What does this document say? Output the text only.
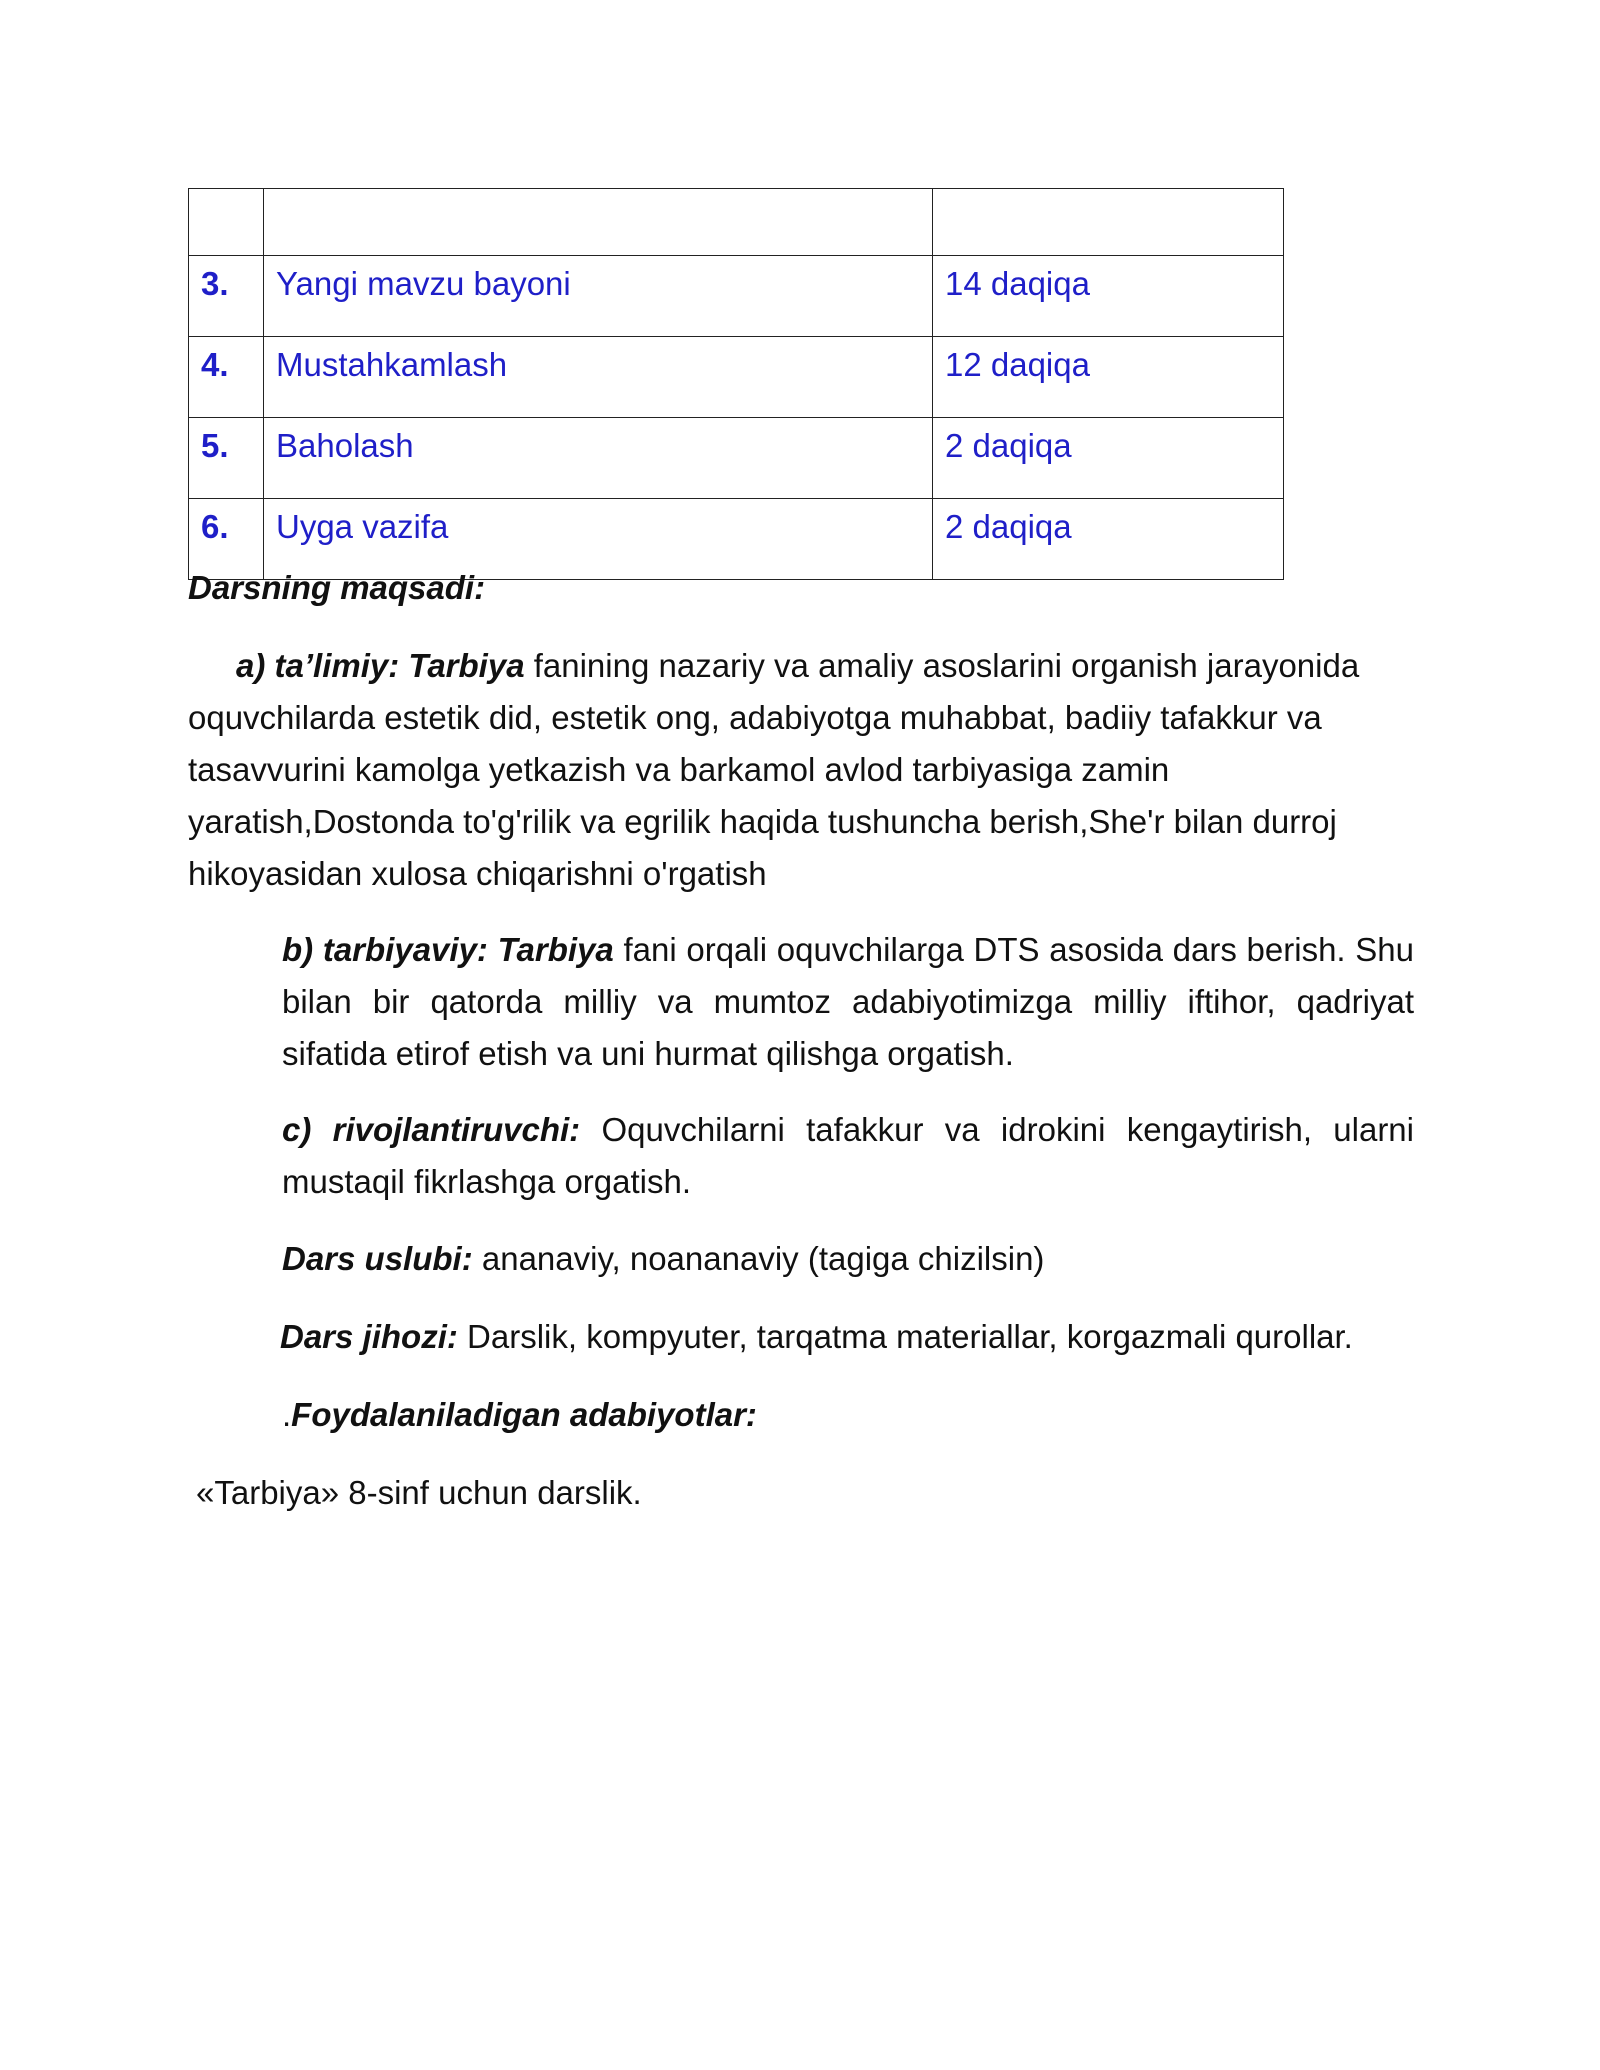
3.	Yangi mavzu bayoni	14 daqiqa
4.	Mustahkamlash	12 daqiqa
5.	Baholash	2 daqiqa
6.	Uyga vazifa	2 daqiqa
Darsning maqsadi:
a) ta’limiy: Tarbiya fanining nazariy va amaliy asoslarini organish jarayonida oquvchilarda estetik did, estetik ong, adabiyotga muhabbat, badiiy tafakkur va tasavvurini kamolga yetkazish va barkamol avlod tarbiyasiga zamin yaratish,Dostonda to'g'rilik va egrilik haqida tushuncha berish,She'r bilan durroj hikoyasidan xulosa chiqarishni o'rgatish
b) tarbiyaviy: Tarbiya fani orqali oquvchilarga DTS asosida dars berish. Shu bilan bir qatorda milliy va mumtoz adabiyotimizga milliy iftihor, qadriyat sifatida etirof etish va uni hurmat qilishga orgatish.
c) rivojlantiruvchi: Oquvchilarni tafakkur va idrokini kengaytirish, ularni mustaqil fikrlashga orgatish.
Dars uslubi: ananaviy, noananaviy (tagiga chizilsin)
Dars jihozi: Darslik, kompyuter, tarqatma materiallar, korgazmali qurollar.
.Foydalaniladigan adabiyotlar:
«Tarbiya» 8-sinf uchun darslik.
